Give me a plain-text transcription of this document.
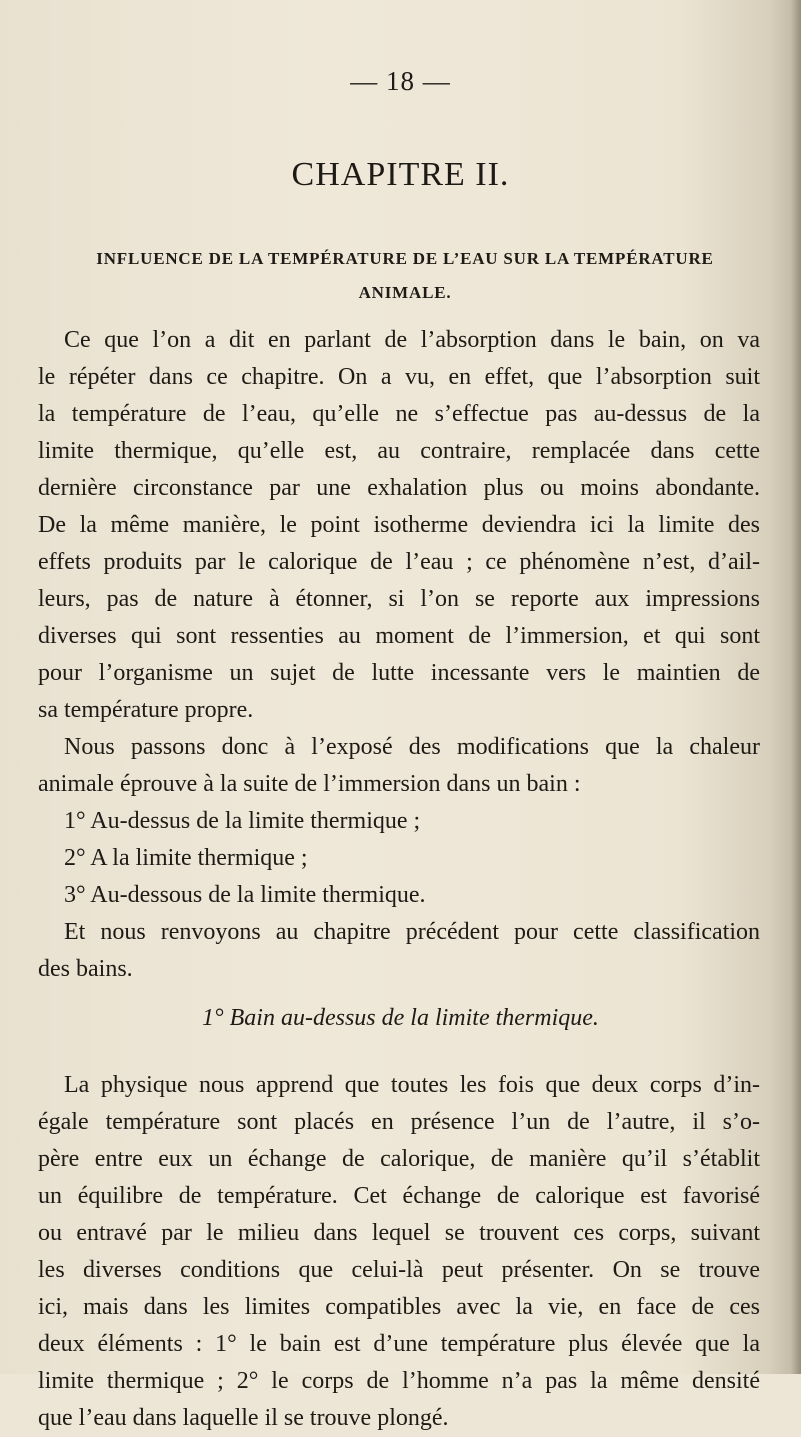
— 18 —
CHAPITRE II.
INFLUENCE DE LA TEMPÉRATURE DE L’EAU SUR LA TEMPÉRATURE
ANIMALE.
Ce que l’on a dit en parlant de l’absorption dans le bain, on va
le répéter dans ce chapitre. On a vu, en effet, que l’absorption suit
la température de l’eau, qu’elle ne s’effectue pas au-dessus de la
limite thermique, qu’elle est, au contraire, remplacée dans cette
dernière circonstance par une exhalation plus ou moins abondante.
De la même manière, le point isotherme deviendra ici la limite des
effets produits par le calorique de l’eau ; ce phénomène n’est, d’ail-
leurs, pas de nature à étonner, si l’on se reporte aux impressions
diverses qui sont ressenties au moment de l’immersion, et qui sont
pour l’organisme un sujet de lutte incessante vers le maintien de
sa température propre.
Nous passons donc à l’exposé des modifications que la chaleur
animale éprouve à la suite de l’immersion dans un bain :
1° Au-dessus de la limite thermique ;
2° A la limite thermique ;
3° Au-dessous de la limite thermique.
Et nous renvoyons au chapitre précédent pour cette classification
des bains.
1° Bain au-dessus de la limite thermique.
La physique nous apprend que toutes les fois que deux corps d’in-
égale température sont placés en présence l’un de l’autre, il s’o-
père entre eux un échange de calorique, de manière qu’il s’établit
un équilibre de température. Cet échange de calorique est favorisé
ou entravé par le milieu dans lequel se trouvent ces corps, suivant
les diverses conditions que celui-là peut présenter. On se trouve
ici, mais dans les limites compatibles avec la vie, en face de ces
deux éléments : 1° le bain est d’une température plus élevée que la
limite thermique ; 2° le corps de l’homme n’a pas la même densité
que l’eau dans laquelle il se trouve plongé.
